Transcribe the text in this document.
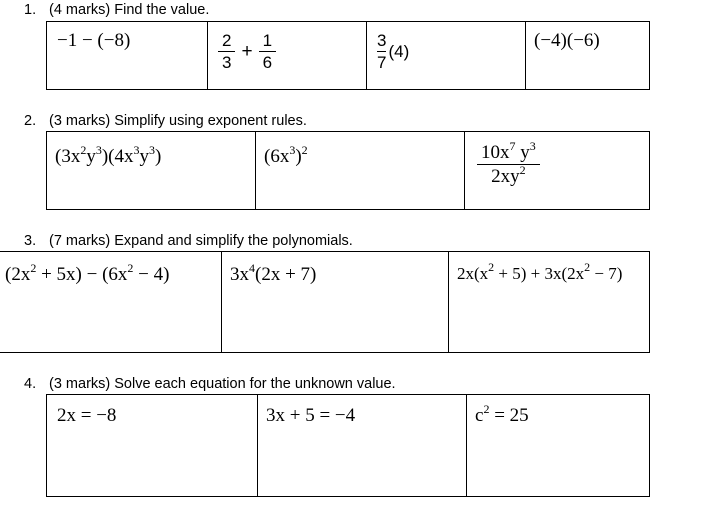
1. (4 marks) Find the value.
−1 − (−8)	$\frac{2}{3} + \frac{1}{6}$	$\frac{3}{7} (4)$	(−4)(−6)
2. (3 marks) Simplify using exponent rules.
$(3x^2y^3)(4x^3y^3)$	$(6x^3)^2$	$\frac{10x^7 y^3}{2xy^2}$
3. (7 marks) Expand and simplify the polynomials.
$(2x^2 + 5x) - (6x^2 - 4)$	$3x^4(2x + 7)$	$2x(x^2 + 5) + 3x(2x^2 - 7)$
4. (3 marks) Solve each equation for the unknown value.
2x = −8	3x + 5 = −4	$c^2 = 25$
